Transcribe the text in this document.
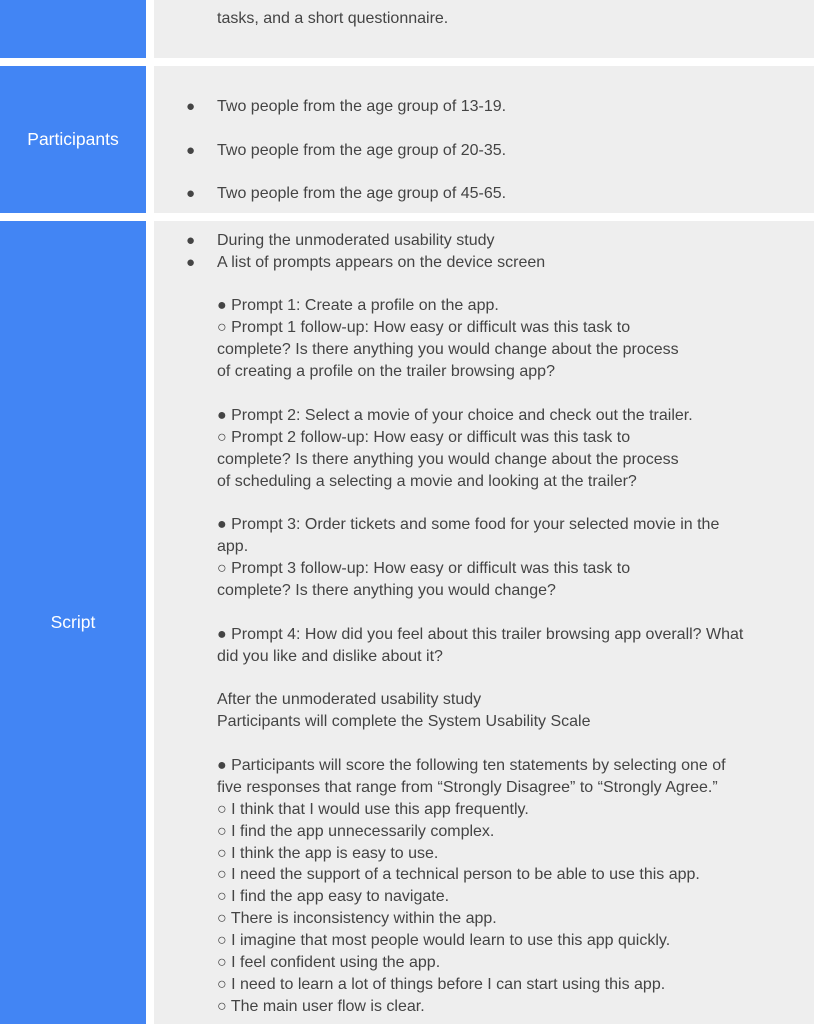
tasks, and a short questionnaire.
Participants
● Two people from the age group of 13-19.
● Two people from the age group of 20-35.
● Two people from the age group of 45-65.
Script
● During the unmoderated usability study
● A list of prompts appears on the device screen
● Prompt 1: Create a profile on the app.
○ Prompt 1 follow-up: How easy or difficult was this task to
complete? Is there anything you would change about the process
of creating a profile on the trailer browsing app?
● Prompt 2: Select a movie of your choice and check out the trailer.
○ Prompt 2 follow-up: How easy or difficult was this task to
complete? Is there anything you would change about the process
of scheduling a selecting a movie and looking at the trailer?
● Prompt 3: Order tickets and some food for your selected movie in the
app.
○ Prompt 3 follow-up: How easy or difficult was this task to
complete? Is there anything you would change?
● Prompt 4: How did you feel about this trailer browsing app overall? What
did you like and dislike about it?
After the unmoderated usability study
Participants will complete the System Usability Scale
● Participants will score the following ten statements by selecting one of
five responses that range from “Strongly Disagree” to “Strongly Agree.”
○ I think that I would use this app frequently.
○ I find the app unnecessarily complex.
○ I think the app is easy to use.
○ I need the support of a technical person to be able to use this app.
○ I find the app easy to navigate.
○ There is inconsistency within the app.
○ I imagine that most people would learn to use this app quickly.
○ I feel confident using the app.
○ I need to learn a lot of things before I can start using this app.
○ The main user flow is clear.
